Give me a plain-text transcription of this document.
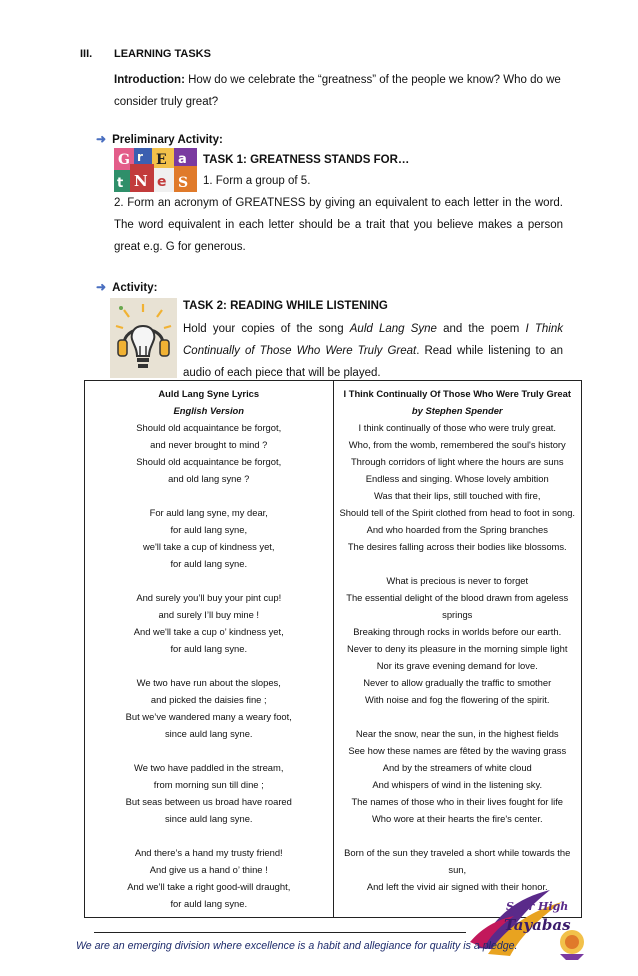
III. LEARNING TASKS
Introduction: How do we celebrate the “greatness” of the people we know? Who do we consider truly great?
➜ Preliminary Activity:
G r E a
t N e S
TASK 1: GREATNESS STANDS FOR…
1. Form a group of 5.
2. Form an acronym of GREATNESS by giving an equivalent to each letter in the word. The word equivalent in each letter should be a trait that you believe makes a person great e.g. G for generous.
➜ Activity:
TASK 2: READING WHILE LISTENING
Hold your copies of the song Auld Lang Syne and the poem I Think Continually of Those Who Were Truly Great. Read while listening to an audio of each piece that will be played.
Auld Lang Syne Lyrics
English Version
Should old acquaintance be forgot,
and never brought to mind ?
Should old acquaintance be forgot,
and old lang syne ?

For auld lang syne, my dear,
for auld lang syne,
we'll take a cup of kindness yet,
for auld lang syne.

And surely you’ll buy your pint cup!
and surely I’ll buy mine !
And we'll take a cup o’ kindness yet,
for auld lang syne.

We two have run about the slopes,
and picked the daisies fine ;
But we’ve wandered many a weary foot,
since auld lang syne.

We two have paddled in the stream,
from morning sun till dine ;
But seas between us broad have roared
since auld lang syne.

And there’s a hand my trusty friend!
And give us a hand o’ thine !
And we’ll take a right good-will draught,
for auld lang syne.

I Think Continually Of Those Who Were Truly Great
by Stephen Spender
I think continually of those who were truly great.
Who, from the womb, remembered the soul's history
Through corridors of light where the hours are suns
Endless and singing. Whose lovely ambition
Was that their lips, still touched with fire,
Should tell of the Spirit clothed from head to foot in song.
And who hoarded from the Spring branches
The desires falling across their bodies like blossoms.

What is precious is never to forget
The essential delight of the blood drawn from ageless
springs
Breaking through rocks in worlds before our earth.
Never to deny its pleasure in the morning simple light
Nor its grave evening demand for love.
Never to allow gradually the traffic to smother
With noise and fog the flowering of the spirit.

Near the snow, near the sun, in the highest fields
See how these names are fêted by the waving grass
And by the streamers of white cloud
And whispers of wind in the listening sky.
The names of those who in their lives fought for life
Who wore at their hearts the fire's center.

Born of the sun they traveled a short while towards the
sun,
And left the vivid air signed with their honor.
Soar High
Tayabas
We are an emerging division where excellence is a habit and allegiance for quality is a pledge.
